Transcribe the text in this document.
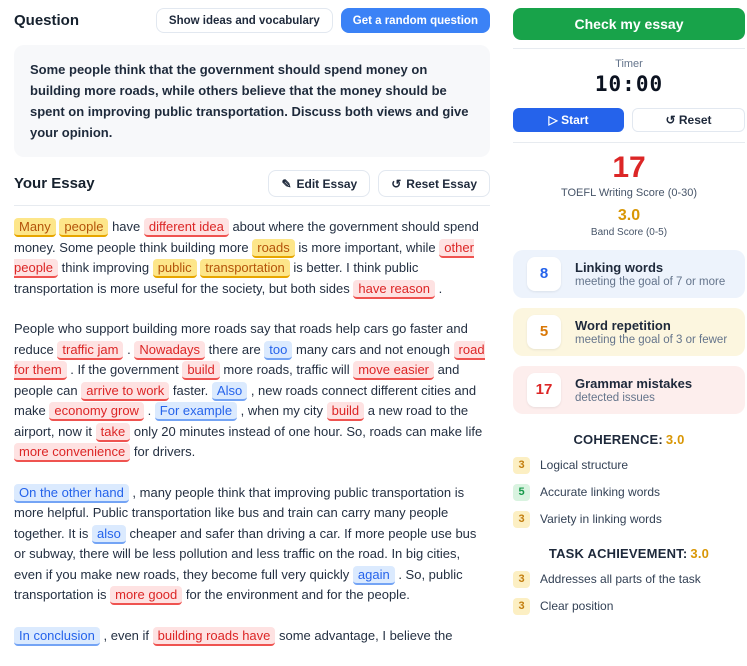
Question	Show ideas and vocabulary	Get a random question
Some people think that the government should spend money on building more roads, while others believe that the money should be spent on improving public transportation. Discuss both views and give your opinion.
Your Essay	✎ Edit Essay	↺ Reset Essay

Many people have different idea about where the government should spend money. Some people think building more roads is more important, while other people think improving public transportation is better. I think public transportation is more useful for the society, but both sides have reason .

People who support building more roads say that roads help cars go faster and reduce traffic jam . Nowadays there are too many cars and not enough road for them . If the government build more roads, traffic will move easier and people can arrive to work faster. Also , new roads connect different cities and make economy grow . For example , when my city build a new road to the airport, now it take only 20 minutes instead of one hour. So, roads can make life more convenience for drivers.

On the other hand , many people think that improving public transportation is more helpful. Public transportation like bus and train can carry many people together. It is also cheaper and safer than driving a car. If more people use bus or subway, there will be less pollution and less traffic on the road. In big cities, even if you make new roads, they become full very quickly again . So, public transportation is more good for the environment and for the people.

In conclusion , even if building roads have some advantage, I believe the

Check my essay
Timer
10:00
▷ Start	↺ Reset
17
TOEFL Writing Score (0-30)
3.0
Band Score (0-5)
8	Linking words
meeting the goal of 7 or more
5	Word repetition
meeting the goal of 3 or fewer
17	Grammar mistakes
detected issues
COHERENCE: 3.0
3	Logical structure
5	Accurate linking words
3	Variety in linking words
TASK ACHIEVEMENT: 3.0
3	Addresses all parts of the task
3	Clear position
